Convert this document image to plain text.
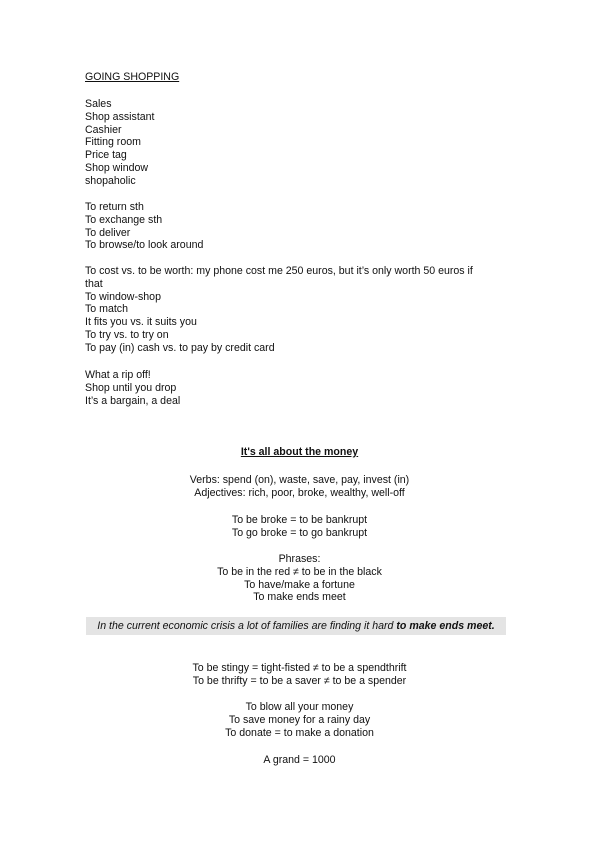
GOING SHOPPING
Sales
Shop assistant
Cashier
Fitting room
Price tag
Shop window
shopaholic
To return sth
To exchange sth
To deliver
To browse/to look around
To cost vs. to be worth: my phone cost me 250 euros, but it’s only worth 50 euros if
that
To window-shop
To match
It fits you vs. it suits you
To try vs. to try on
To pay (in) cash vs. to pay by credit card
What a rip off!
Shop until you drop
It’s a bargain, a deal
It's all about the money
Verbs: spend (on), waste, save, pay, invest (in)
Adjectives: rich, poor, broke, wealthy, well-off
To be broke = to be bankrupt
To go broke = to go bankrupt
Phrases:
To be in the red ≠ to be in the black
To have/make a fortune
To make ends meet
In the current economic crisis a lot of families are finding it hard to make ends meet.
To be stingy = tight-fisted ≠ to be a spendthrift
To be thrifty = to be a saver ≠ to be a spender
To blow all your money
To save money for a rainy day
To donate = to make a donation
A grand = 1000
